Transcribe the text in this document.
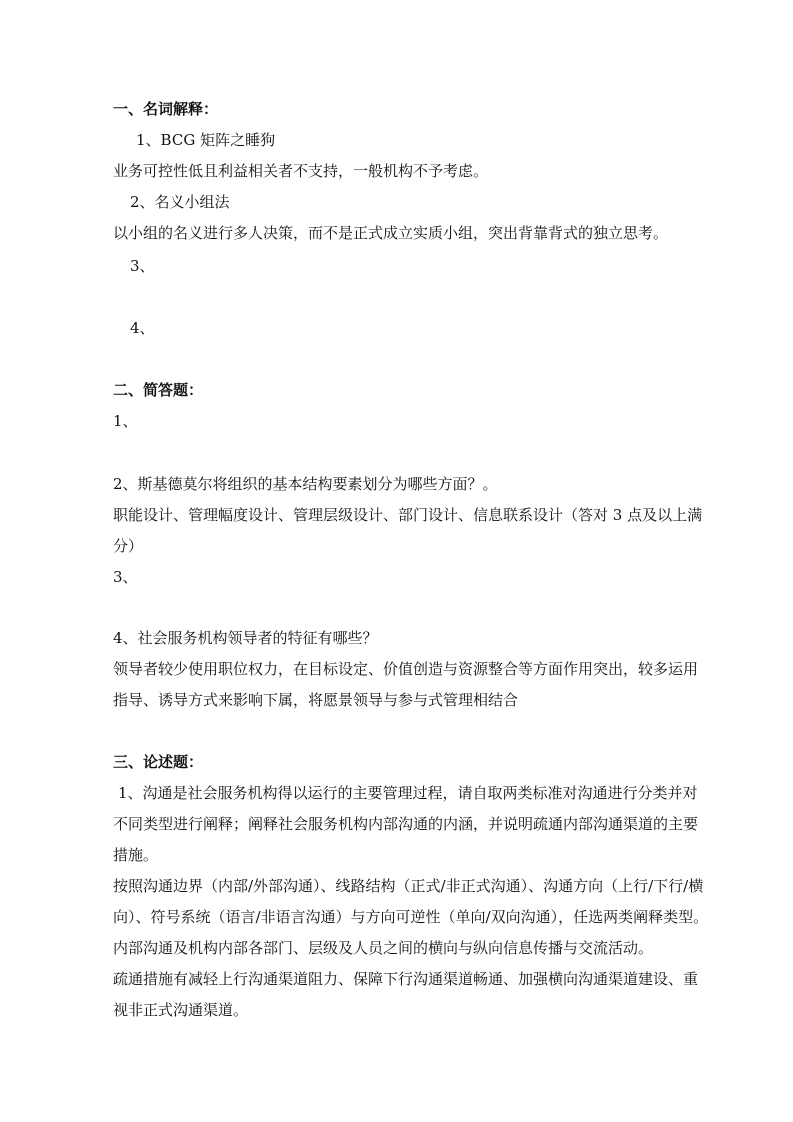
一、名词解释：
1、BCG 矩阵之睡狗
业务可控性低且利益相关者不支持，一般机构不予考虑。
2、名义小组法
以小组的名义进行多人决策，而不是正式成立实质小组，突出背靠背式的独立思考。
3、
4、
二、简答题：
1、
2、斯基德莫尔将组织的基本结构要素划分为哪些方面？。
职能设计、管理幅度设计、管理层级设计、部门设计、信息联系设计（答对 3 点及以上满
分）
3、
4、社会服务机构领导者的特征有哪些？
领导者较少使用职位权力，在目标设定、价值创造与资源整合等方面作用突出，较多运用
指导、诱导方式来影响下属，将愿景领导与参与式管理相结合
三、论述题：
1、沟通是社会服务机构得以运行的主要管理过程，请自取两类标准对沟通进行分类并对
不同类型进行阐释；阐释社会服务机构内部沟通的内涵，并说明疏通内部沟通渠道的主要
措施。
按照沟通边界（内部/外部沟通）、线路结构（正式/非正式沟通）、沟通方向（上行/下行/横
向）、符号系统（语言/非语言沟通）与方向可逆性（单向/双向沟通），任选两类阐释类型。
内部沟通及机构内部各部门、层级及人员之间的横向与纵向信息传播与交流活动。
疏通措施有减轻上行沟通渠道阻力、保障下行沟通渠道畅通、加强横向沟通渠道建设、重
视非正式沟通渠道。
